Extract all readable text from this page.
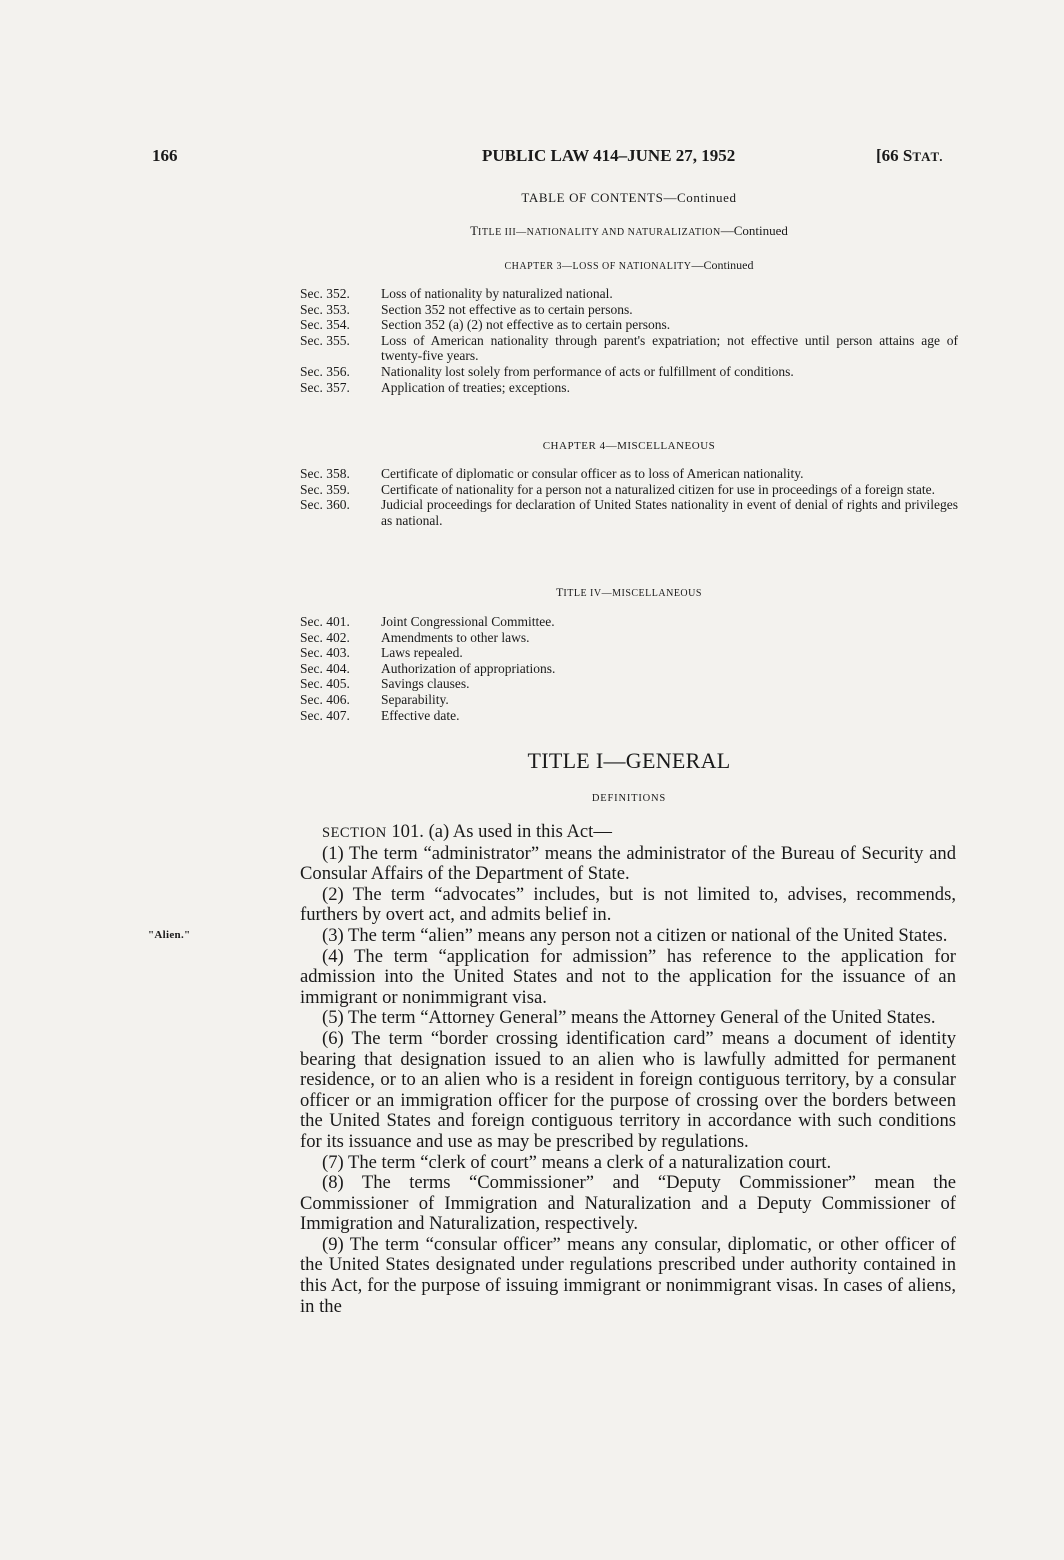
166	PUBLIC LAW 414–JUNE 27, 1952	[66 STAT.
TABLE OF CONTENTS—Continued
TITLE III—NATIONALITY AND NATURALIZATION—Continued
CHAPTER 3—LOSS OF NATIONALITY—Continued
Sec. 352.	Loss of nationality by naturalized national.
Sec. 353.	Section 352 not effective as to certain persons.
Sec. 354.	Section 352 (a) (2) not effective as to certain persons.
Sec. 355.	Loss of American nationality through parent's expatriation; not effective until person attains age of twenty-five years.
Sec. 356.	Nationality lost solely from performance of acts or fulfillment of conditions.
Sec. 357.	Application of treaties; exceptions.
CHAPTER 4—MISCELLANEOUS
Sec. 358.	Certificate of diplomatic or consular officer as to loss of American nationality.
Sec. 359.	Certificate of nationality for a person not a naturalized citizen for use in proceedings of a foreign state.
Sec. 360.	Judicial proceedings for declaration of United States nationality in event of denial of rights and privileges as national.
TITLE IV—MISCELLANEOUS
Sec. 401.	Joint Congressional Committee.
Sec. 402.	Amendments to other laws.
Sec. 403.	Laws repealed.
Sec. 404.	Authorization of appropriations.
Sec. 405.	Savings clauses.
Sec. 406.	Separability.
Sec. 407.	Effective date.
TITLE I—GENERAL
DEFINITIONS
"Alien."

SECTION 101. (a) As used in this Act—

(1) The term “administrator” means the administrator of the Bureau of Security and Consular Affairs of the Department of State.

(2) The term “advocates” includes, but is not limited to, advises, recommends, furthers by overt act, and admits belief in.

(3) The term “alien” means any person not a citizen or national of the United States.

(4) The term “application for admission” has reference to the application for admission into the United States and not to the application for the issuance of an immigrant or nonimmigrant visa.

(5) The term “Attorney General” means the Attorney General of the United States.

(6) The term “border crossing identification card” means a document of identity bearing that designation issued to an alien who is lawfully admitted for permanent residence, or to an alien who is a resident in foreign contiguous territory, by a consular officer or an immigration officer for the purpose of crossing over the borders between the United States and foreign contiguous territory in accordance with such conditions for its issuance and use as may be prescribed by regulations.

(7) The term “clerk of court” means a clerk of a naturalization court.

(8) The terms “Commissioner” and “Deputy Commissioner” mean the Commissioner of Immigration and Naturalization and a Deputy Commissioner of Immigration and Naturalization, respectively.

(9) The term “consular officer” means any consular, diplomatic, or other officer of the United States designated under regulations prescribed under authority contained in this Act, for the purpose of issuing immigrant or nonimmigrant visas. In cases of aliens, in the
